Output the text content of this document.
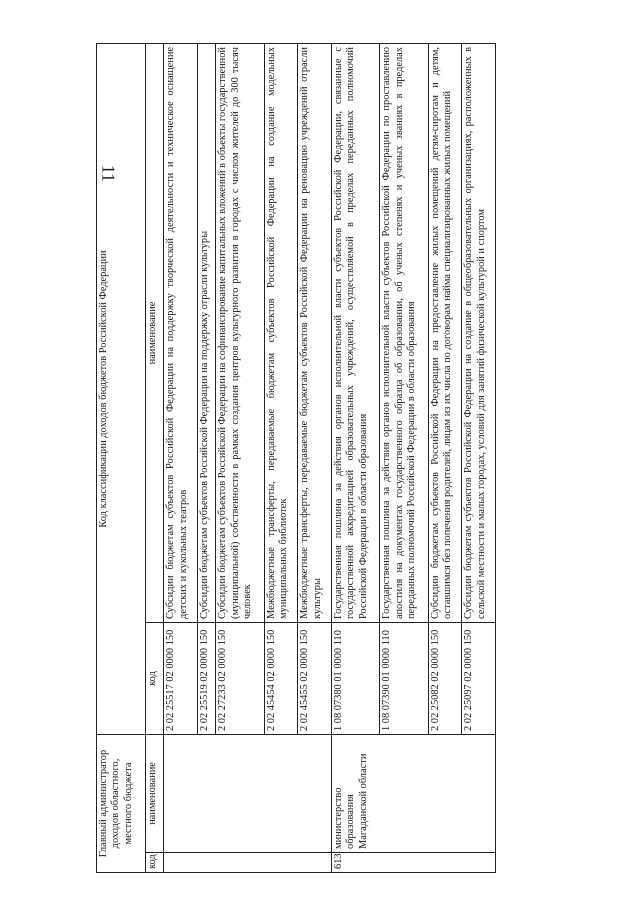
11
Главный администратор доходов областного, местного бюджета		Код классификации доходов бюджетов Российской Федерации	
код	наименование	код	наименование
		2 02 25517 02 0000 150	Субсидии бюджетам субъектов Российской Федерации на поддержку творческой деятельности и техническое оснащение детских и кукольных театров
		2 02 25519 02 0000 150	Субсидии бюджетам субъектов Российской Федерации на поддержку отрасли культуры
		2 02 27233 02 0000 150	Субсидии бюджетам субъектов Российской Федерации на софинансирование капитальных вложений в объекты государственной (муниципальной) собственности в рамках создания центров культурного развития в городах с числом жителей до 300 тысяч человек
		2 02 45454 02 0000 150	Межбюджетные трансферты, передаваемые бюджетам субъектов Российской Федерации на создание модельных муниципальных библиотек
		2 02 45455 02 0000 150	Межбюджетные трансферты, передаваемые бюджетам субъектов Российской Федерации на реновацию учреждений отрасли культуры
613	министерство образования Магаданской области	1 08 07380 01 0000 110	Государственная пошлина за действия органов исполнительной власти субъектов Российской Федерации, связанные с государственной аккредитацией образовательных учреждений, осуществляемой в пределах переданных полномочий Российской Федерации в области образования
		1 08 07390 01 0000 110	Государственная пошлина за действия органов исполнительной власти субъектов Российской Федерации по проставлению апостиля на документах государственного образца об образовании, об ученых степенях и ученых званиях в пределах переданных полномочий Российской Федерации в области образования
		2 02 25082 02 0000 150	Субсидии бюджетам субъектов Российской Федерации на предоставление жилых помещений детям-сиротам и детям, оставшимся без попечения родителей, лицам из их числа по договорам найма специализированных жилых помещений
		2 02 25097 02 0000 150	Субсидии бюджетам субъектов Российской Федерации на создание в общеобразовательных организациях, расположенных в сельской местности и малых городах, условий для занятий физической культурой и спортом
